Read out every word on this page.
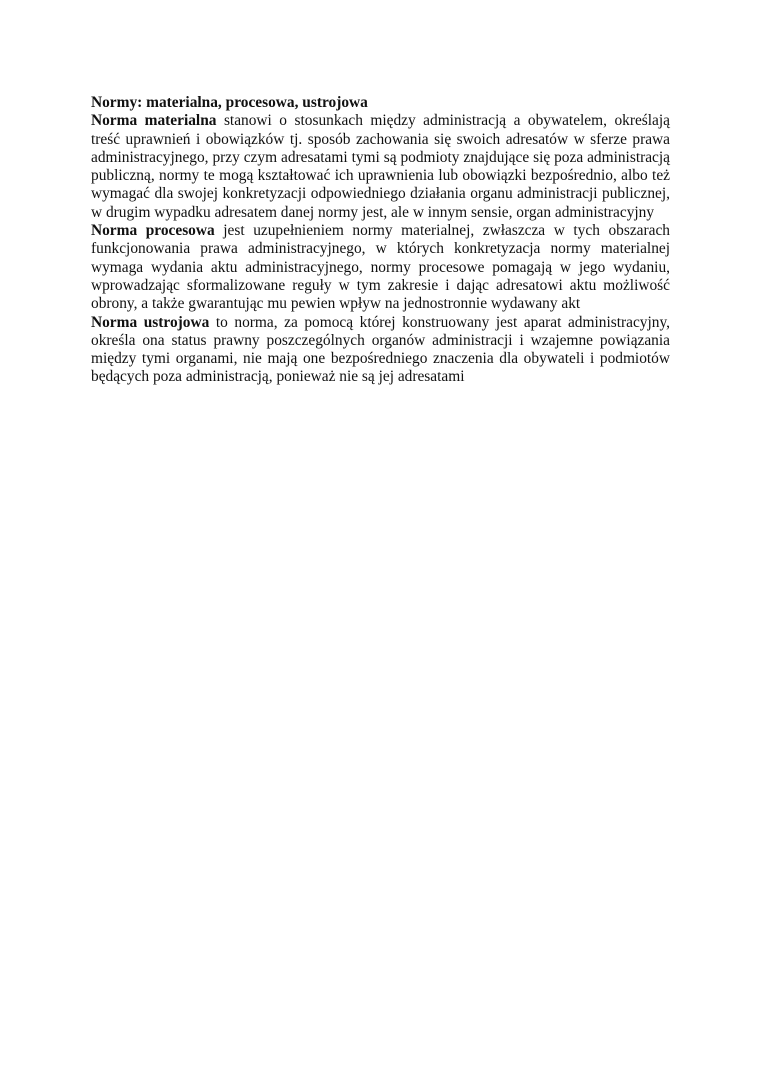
Normy: materialna, procesowa, ustrojowa

Norma materialna stanowi o stosunkach między administracją a obywatelem, określają treść uprawnień i obowiązków tj. sposób zachowania się swoich adresatów w sferze prawa administracyjnego, przy czym adresatami tymi są podmioty znajdujące się poza administracją publiczną, normy te mogą kształtować ich uprawnienia lub obowiązki bezpośrednio, albo też wymagać dla swojej konkretyzacji odpowiedniego działania organu administracji publicznej, w drugim wypadku adresatem danej normy jest, ale w innym sensie, organ administracyjny

Norma procesowa jest uzupełnieniem normy materialnej, zwłaszcza w tych obszarach funkcjonowania prawa administracyjnego, w których konkretyzacja normy materialnej wymaga wydania aktu administracyjnego, normy procesowe pomagają w jego wydaniu, wprowadzając sformalizowane reguły w tym zakresie i dając adresatowi aktu możliwość obrony, a także gwarantując mu pewien wpływ na jednostronnie wydawany akt

Norma ustrojowa to norma, za pomocą której konstruowany jest aparat administracyjny, określa ona status prawny poszczególnych organów administracji i wzajemne powiązania między tymi organami, nie mają one bezpośredniego znaczenia dla obywateli i podmiotów będących poza administracją, ponieważ nie są jej adresatami
